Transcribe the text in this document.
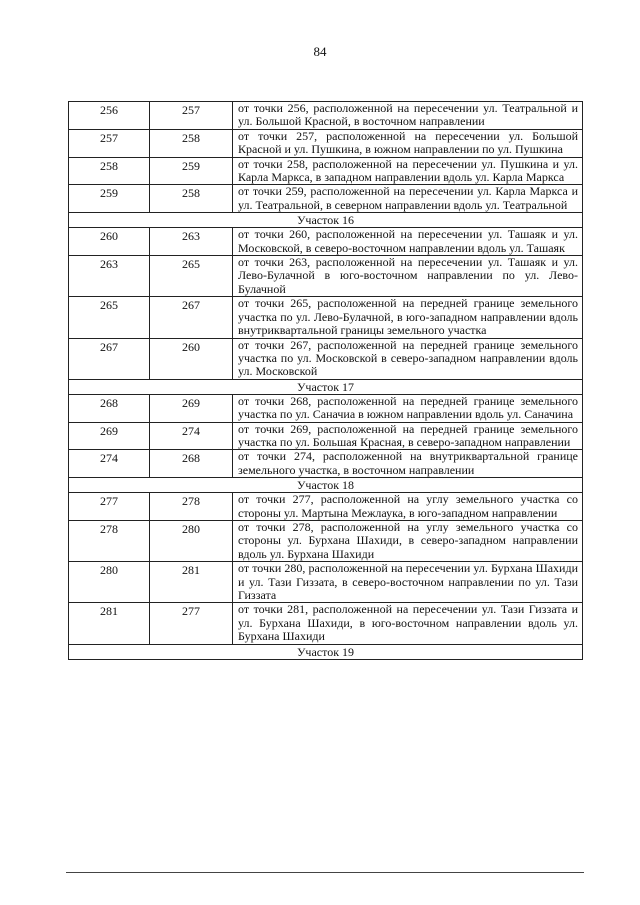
84
256	257	от точки 256, расположенной на пересечении ул. Театральной и ул. Большой Красной, в восточном направлении
257	258	от точки 257, расположенной на пересечении ул. Большой Красной и ул. Пушкина, в южном направлении по ул. Пушкина
258	259	от точки 258, расположенной на пересечении ул. Пушкина и ул. Карла Маркса, в западном направлении вдоль ул. Карла Маркса
259	258	от точки 259, расположенной на пересечении ул. Карла Маркса и ул. Театральной, в северном направлении вдоль ул. Театральной
Участок 16		
260	263	от точки 260, расположенной на пересечении ул. Ташаяк и ул. Московской, в северо-восточном направлении вдоль ул. Ташаяк
263	265	от точки 263, расположенной на пересечении ул. Ташаяк и ул. Лево-Булачной в юго-восточном направлении по ул. Лево-Булачной
265	267	от точки 265, расположенной на передней границе земельного участка по ул. Лево-Булачной, в юго-западном направлении вдоль внутриквартальной границы земельного участка
267	260	от точки 267, расположенной на передней границе земельного участка по ул. Московской в северо-западном направлении вдоль ул. Московской
Участок 17		
268	269	от точки 268, расположенной на передней границе земельного участка по ул. Саначиа в южном направлении вдоль ул. Саначина
269	274	от точки 269, расположенной на передней границе земельного участка по ул. Большая Красная, в северо-западном направлении
274	268	от точки 274, расположенной на внутриквартальной границе земельного участка, в восточном направлении
Участок 18		
277	278	от точки 277, расположенной на углу земельного участка со стороны ул. Мартына Межлаука, в юго-западном направлении
278	280	от точки 278, расположенной на углу земельного участка со стороны ул. Бурхана Шахиди, в северо-западном направлении вдоль ул. Бурхана Шахиди
280	281	от точки 280, расположенной на пересечении ул. Бурхана Шахиди и ул. Тази Гиззата, в северо-восточном направлении по ул. Тази Гиззата
281	277	от точки 281, расположенной на пересечении ул. Тази Гиззата и ул. Бурхана Шахиди, в юго-восточном направлении вдоль ул. Бурхана Шахиди
Участок 19		
